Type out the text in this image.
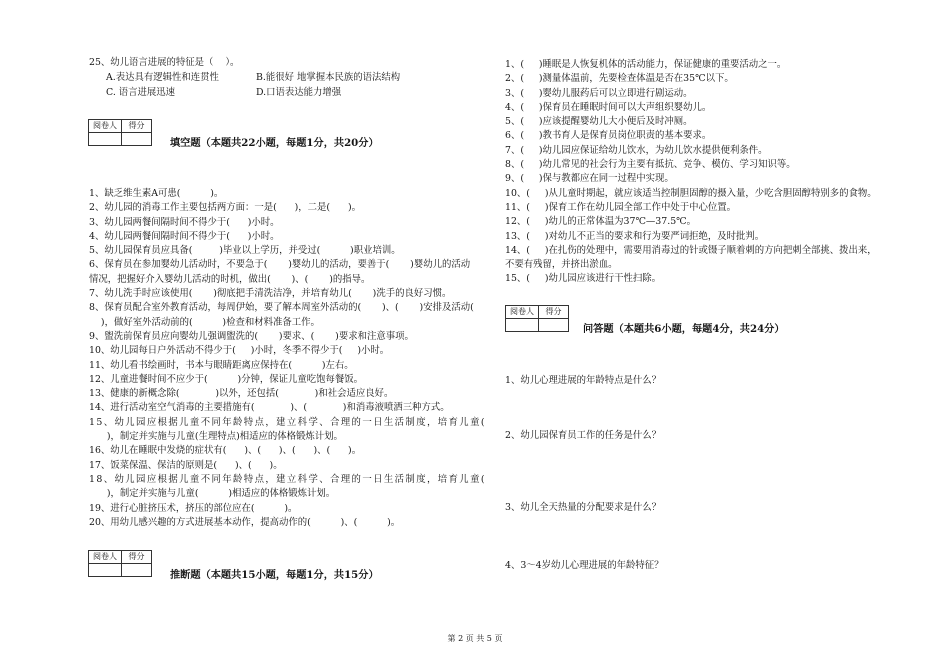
25、幼儿语言进展的特征是（    ）。

A.表达具有逻辑性和连贯性

	B.能很好 地掌握本民族的语法结构

C. 语言进展迅速

	D.口语表达能力增强

阅卷人	得分
填空题（本题共22小题，每题1分，共20分）
1、缺乏维生素A可患(          )。
2、幼儿园的消毒工作主要包括两方面：一是(      )，二是(      )。
3、幼儿园两餐间隔时间不得少于(      )小时。
4、幼儿园两餐间隔时间不得少于(      )小时。
5、幼儿园保育员应具备(         )毕业以上学历，并受过(          )职业培训。
6、保育员在参加婴幼儿活动时，不要急于(       )婴幼儿的活动，要善于(       )婴幼儿的活动
情况，把握好介入婴幼儿活动的时机，做出(       )、(       )的指导。
7、幼儿洗手时应该使用(       )彻底把手清洗洁净，并培育幼儿(       )洗手的良好习惯。
8、保育员配合室外教育活动，每周伊始，要了解本周室外活动的(       )、(       )安排及活动(
)，做好室外活动前的(          )检查和材料准备工作。
9、盥洗前保育员应向婴幼儿强调盥洗的(       )要求、(       )要求和注意事项。
10、幼儿园每日户外活动不得少于(     )小时，冬季不得少于(     )小时。
11、幼儿看书绘画时，书本与眼睛距离应保持在(          )左右。
12、儿童进餐时间不应少于(          )分钟，保证儿童吃饱每餐饭。
13、健康的新概念除(            )以外，还包括(            )和社会适应良好。
14、进行活动室空气消毒的主要措施有(            )、(            )和消毒液喷洒三种方式。
15、幼儿园应根据儿童不同年龄特点，建立科学、合理的一日生活制度，培育儿童(
)，制定并实施与儿童(生理特点)相适应的体格锻炼计划。
16、幼儿在睡眠中发烧的症状有(      )、(      )、(      )、(      )。
17、饭菜保温、保洁的原则是(      )、(      )。
18、幼儿园应根据儿童不同年龄特点，建立科学、合理的一日生活制度，培育儿童(
)，制定并实施与儿童(          )相适应的体格锻炼计划。
19、进行心脏挤压术，挤压的部位应在(          )。
20、用幼儿感兴趣的方式进展基本动作，提高动作的(          )、(          )。
阅卷人	得分
推断题（本题共15小题，每题1分，共15分）
1、(     )睡眠是人恢复机体的活动能力，保证健康的重要活动之一。
2、(     )测量体温前，先要检查体温是否在35℃以下。
3、(     )婴幼儿服药后可以立即进行剧运动。
4、(     )保育员在睡眠时间可以大声组织婴幼儿。
5、(     )应该提醒婴幼儿大小便后及时冲厕。
6、(     )教书育人是保育员岗位职责的基本要求。
7、(     )幼儿园应保证给幼儿饮水，为幼儿饮水提供便利条件。
8、(     )幼儿常见的社会行为主要有抵抗、竞争、模仿、学习知识等。
9、(     )保与教都应在同一过程中实现。
10、(     )从儿童时期起，就应该适当控制胆固醇的摄入量，少吃含胆固醇特别多的食物。
11、(     )保育工作在幼儿园全部工作中处于中心位置。
12、(     )幼儿的正常体温为37℃—37.5℃。
13、(     )对幼儿不正当的要求和行为要严词拒绝，及时批判。
14、(     )在扎伤的处理中，需要用消毒过的针或镊子顺着刺的方向把刺全部挑、拨出来，
不要有残留，并挤出淤血。
15、(     )幼儿园应该进行干性扫除。
阅卷人	得分
问答题（本题共6小题，每题4分，共24分）
1、幼儿心理进展的年龄特点是什么？
2、幼儿园保育员工作的任务是什么？
3、幼儿全天热量的分配要求是什么？
4、3～4岁幼儿心理进展的年龄特征？
第 2 页 共 5 页
